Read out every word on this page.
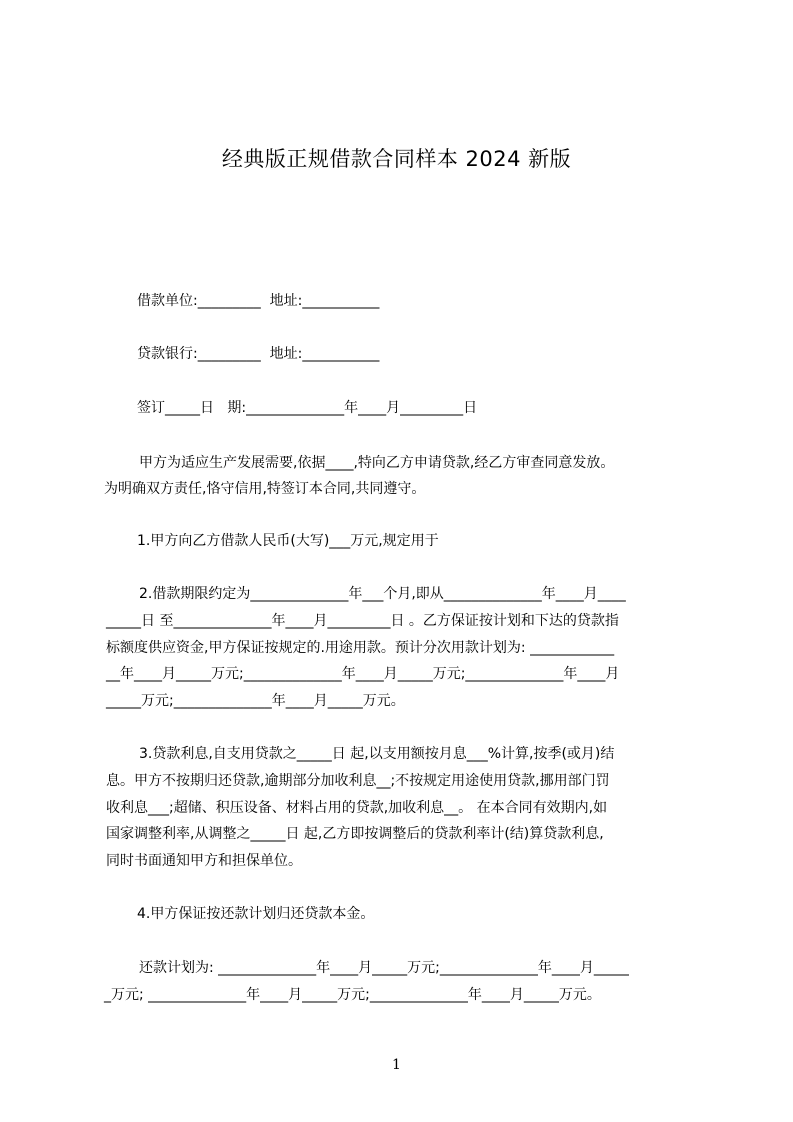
经典版正规借款合同样本 2024 新版
借款单位:_________  地址:___________
贷款银行:_________  地址:___________
签订_____日   期:______________年____月_________日
甲方为适应生产发展需要,依据____,特向乙方申请贷款,经乙方审查同意发放。
为明确双方责任,恪守信用,特签订本合同,共同遵守。
1.甲方向乙方借款人民币(大写)___万元,规定用于
2.借款期限约定为______________年___个月,即从______________年____月____
_____日 至______________年____月_________日 。乙方保证按计划和下达的贷款指
标额度供应资金,甲方保证按规定的.用途用款。预计分次用款计划为: ____________
__年____月_____万元;______________年____月_____万元;______________年____月
_____万元;______________年____月_____万元。
3.贷款利息,自支用贷款之_____日 起,以支用额按月息___%计算,按季(或月)结
息。甲方不按期归还贷款,逾期部分加收利息__;不按规定用途使用贷款,挪用部门罚
收利息___;超储、积压设备、材料占用的贷款,加收利息__。 在本合同有效期内,如
国家调整利率,从调整之_____日 起,乙方即按调整后的贷款利率计(结)算贷款利息,
同时书面通知甲方和担保单位。
4.甲方保证按还款计划归还贷款本金。
还款计划为: ______________年____月_____万元;______________年____月_____
_万元; ______________年____月_____万元;______________年____月_____万元。
1
